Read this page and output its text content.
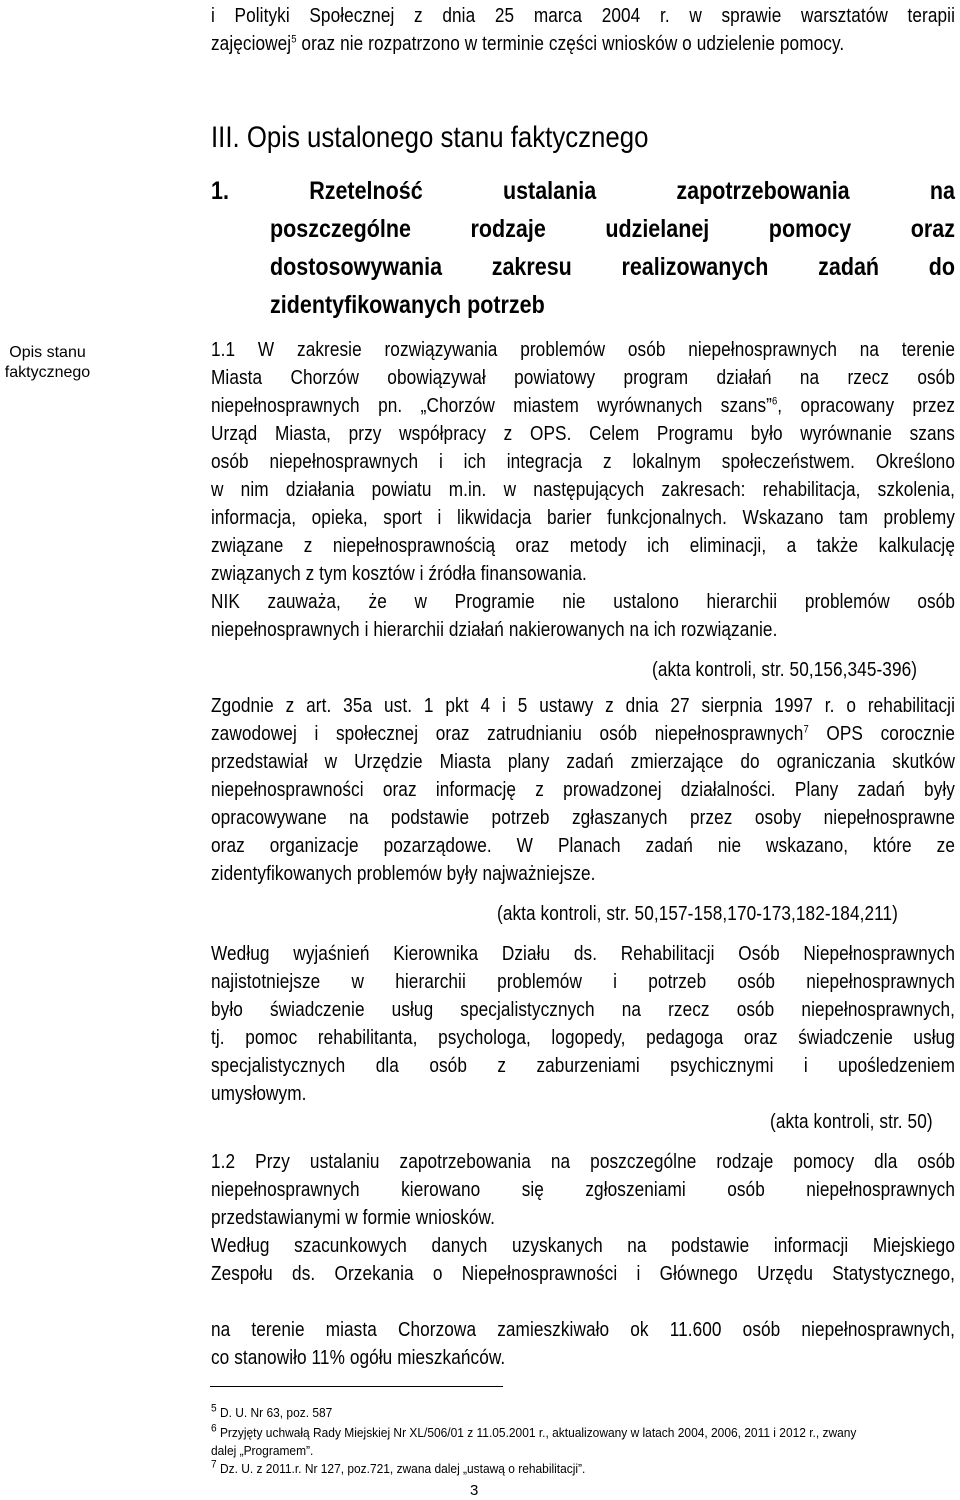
i Polityki Społecznej z dnia 25 marca 2004 r. w sprawie warsztatów terapii
zajęciowej$^5$ oraz nie rozpatrzono w terminie części wniosków o udzielenie pomocy.
III. Opis ustalonego stanu faktycznego
1. Rzetelność ustalania zapotrzebowania na
poszczególne rodzaje udzielanej pomocy oraz
dostosowywania zakresu realizowanych zadań do
zidentyfikowanych potrzeb
Opis stanu faktycznego
1.1 W zakresie rozwiązywania problemów osób niepełnosprawnych na terenie
Miasta Chorzów obowiązywał powiatowy program działań na rzecz osób
niepełnosprawnych pn. „Chorzów miastem wyrównanych szans”$^6$, opracowany przez
Urząd Miasta, przy współpracy z OPS. Celem Programu było wyrównanie szans
osób niepełnosprawnych i ich integracja z lokalnym społeczeństwem. Określono
w nim działania powiatu m.in. w następujących zakresach: rehabilitacja, szkolenia,
informacja, opieka, sport i likwidacja barier funkcjonalnych. Wskazano tam problemy
związane z niepełnosprawnością oraz metody ich eliminacji, a także kalkulację
związanych z tym kosztów i źródła finansowania.
NIK zauważa, że w Programie nie ustalono hierarchii problemów osób
niepełnosprawnych i hierarchii działań nakierowanych na ich rozwiązanie.
(akta kontroli, str. 50,156,345-396)
Zgodnie z art. 35a ust. 1 pkt 4 i 5 ustawy z dnia 27 sierpnia 1997 r. o rehabilitacji
zawodowej i społecznej oraz zatrudnianiu osób niepełnosprawnych$^7$ OPS corocznie
przedstawiał w Urzędzie Miasta plany zadań zmierzające do ograniczania skutków
niepełnosprawności oraz informację z prowadzonej działalności. Plany zadań były
opracowywane na podstawie potrzeb zgłaszanych przez osoby niepełnosprawne
oraz organizacje pozarządowe. W Planach zadań nie wskazano, które ze
zidentyfikowanych problemów były najważniejsze.
(akta kontroli, str. 50,157-158,170-173,182-184,211)
Według wyjaśnień Kierownika Działu ds. Rehabilitacji Osób Niepełnosprawnych
najistotniejsze w hierarchii problemów i potrzeb osób niepełnosprawnych
było świadczenie usług specjalistycznych na rzecz osób niepełnosprawnych,
tj. pomoc rehabilitanta, psychologa, logopedy, pedagoga oraz świadczenie usług
specjalistycznych dla osób z zaburzeniami psychicznymi i upośledzeniem
umysłowym.
(akta kontroli, str. 50)
1.2 Przy ustalaniu zapotrzebowania na poszczególne rodzaje pomocy dla osób
niepełnosprawnych kierowano się zgłoszeniami osób niepełnosprawnych
przedstawianymi w formie wniosków.
Według szacunkowych danych uzyskanych na podstawie informacji Miejskiego
Zespołu ds. Orzekania o Niepełnosprawności i Głównego Urzędu Statystycznego,
na terenie miasta Chorzowa zamieszkiwało ok 11.600 osób niepełnosprawnych,
co stanowiło 11% ogółu mieszkańców.
$^5$ D. U. Nr 63, poz. 587
$^6$ Przyjęty uchwałą Rady Miejskiej Nr XL/506/01 z 11.05.2001 r., aktualizowany w latach 2004, 2006, 2011 i 2012 r., zwany
dalej „Programem”.
$^7$ Dz. U. z 2011.r. Nr 127, poz.721, zwana dalej „ustawą o rehabilitacji”.
3
